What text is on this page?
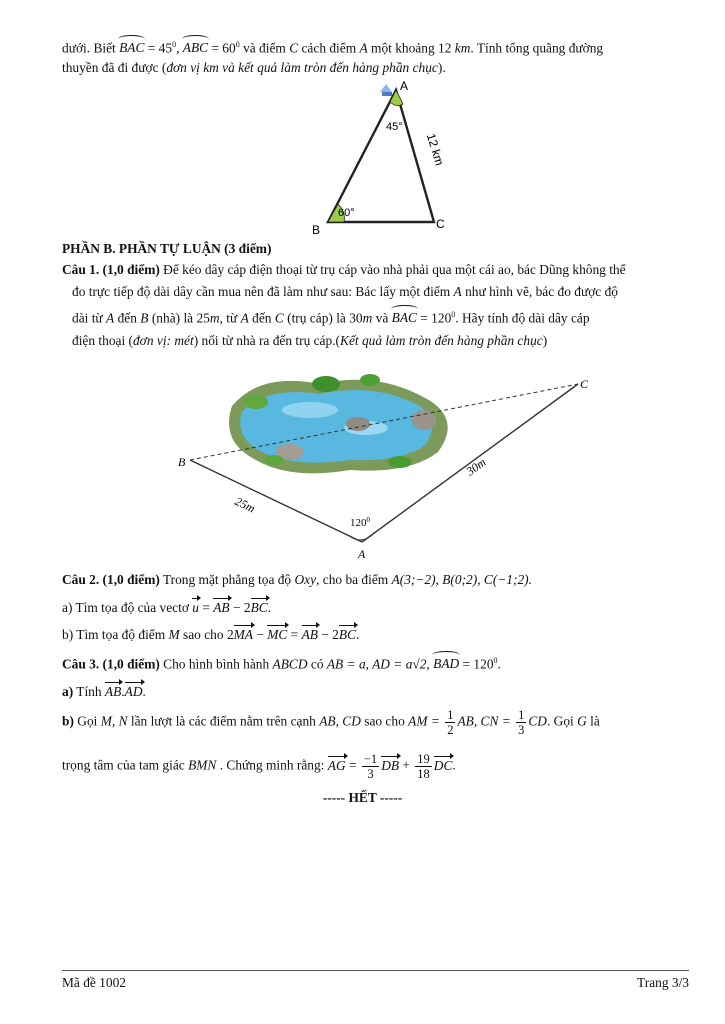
dưới. Biết BAC = $45^0$, ABC = $60^0$ và điểm C cách điểm A một khoảng 12 km. Tính tổng quãng đường
thuyền đã đi được (đơn vị km và kết quả làm tròn đến hàng phần chục).
A
B	C
45°
60°
12 km
PHẦN B. PHẦN TỰ LUẬN (3 điểm)
Câu 1. (1,0 điểm) Để kéo dây cáp điện thoại từ trụ cáp vào nhà phải qua một cái ao, bác Dũng không thể
đo trực tiếp độ dài dây cần mua nên đã làm như sau: Bác lấy một điểm A như hình vẽ, bác đo được độ
dài từ A đến B (nhà) là 25m, từ A đến C (trụ cáp) là 30m và BAC = $120^0$. Hãy tính độ dài dây cáp
điện thoại (đơn vị: mét) nối từ nhà ra đến trụ cáp.(Kết quả làm tròn đến hàng phần chục)
B
C
A
25m
30m
$120^0$
Câu 2. (1,0 điểm) Trong mặt phẳng tọa độ Oxy, cho ba điểm A(3;−2), B(0;2), C(−1;2).
a) Tìm tọa độ của vectơ u = AB − 2BC.
b) Tìm tọa độ điểm M sao cho 2MA − MC = AB − 2BC.
Câu 3. (1,0 điểm) Cho hình bình hành ABCD có AB = a, AD = a√2, BAD = $120^0$.
a) Tính AB.AD.
b) Gọi M, N lần lượt là các điểm nằm trên cạnh AB, CD sao cho AM = $\frac{1}{2}$ AB, CN = $\frac{1}{3}$ CD. Gọi G là
trọng tâm của tam giác BMN . Chứng minh rằng: AG = $\frac{-1}{3}$ DB + $\frac{19}{18}$ DC.
----- HẾT -----
Mã đề 1002	Trang 3/3
